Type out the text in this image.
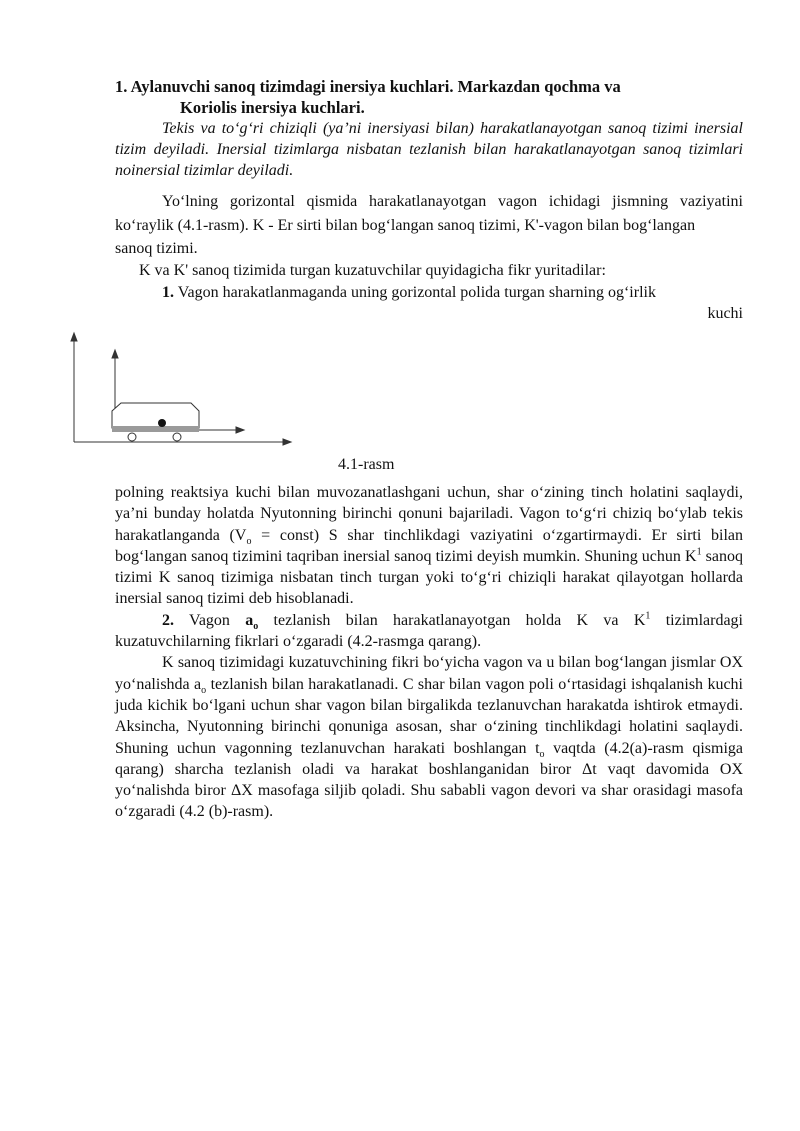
1. Aylanuvchi sanoq tizimdagi inersiya kuchlari. Markazdan qochma va
Koriolis inersiya kuchlari.

Tekis va to‘g‘ri chiziqli (ya’ni inersiyasi bilan) harakatlanayotgan sanoq tizimi inersial tizim deyiladi. Inersial tizimlarga nisbatan tezlanish bilan harakatlanayotgan sanoq tizimlari noinersial tizimlar deyiladi.

Yo‘lning gorizontal qismida harakatlanayotgan vagon ichidagi jismning vaziyatini ko‘raylik (4.1-rasm). K - Er sirti bilan bog‘langan sanoq tizimi, K'-vagon bilan bog‘langan

sanoq tizimi.

K va K' sanoq tizimida turgan kuzatuvchilar quyidagicha fikr yuritadilar:

1. Vagon harakatlanmaganda uning gorizontal polida turgan sharning og‘irlik

kuchi

4.1-rasm

polning reaktsiya kuchi bilan muvozanatlashgani uchun, shar o‘zining tinch holatini saqlaydi, ya’ni bunday holatda Nyutonning birinchi qonuni bajariladi. Vagon to‘g‘ri chiziq bo‘ylab tekis harakatlanganda ($V_o$ = const) S shar tinchlikdagi vaziyatini o‘zgartirmaydi. Er sirti bilan bog‘langan sanoq tizimini taqriban inersial sanoq tizimi deyish mumkin. Shuning uchun $K^1$ sanoq tizimi K sanoq tizimiga nisbatan tinch turgan yoki to‘g‘ri chiziqli harakat qilayotgan hollarda inersial sanoq tizimi deb hisoblanadi.

2. Vagon $a_o$ tezlanish bilan harakatlanayotgan holda K va $K^1$ tizimlardagi kuzatuvchilarning fikrlari o‘zgaradi (4.2-rasmga qarang).

K sanoq tizimidagi kuzatuvchining fikri bo‘yicha vagon va u bilan bog‘langan jismlar OX yo‘nalishda $a_o$ tezlanish bilan harakatlanadi. C shar bilan vagon poli o‘rtasidagi ishqalanish kuchi juda kichik bo‘lgani uchun shar vagon bilan birgalikda tezlanuvchan harakatda ishtirok etmaydi. Aksincha, Nyutonning birinchi qonuniga asosan, shar o‘zining tinchlikdagi holatini saqlaydi. Shuning uchun vagonning tezlanuvchan harakati boshlangan $t_o$ vaqtda (4.2(a)-rasm qismiga qarang) sharcha tezlanish oladi va harakat boshlanganidan biror Δt vaqt davomida OX yo‘nalishda biror ΔX masofaga siljib qoladi. Shu sababli vagon devori va shar orasidagi masofa o‘zgaradi (4.2 (b)-rasm).
